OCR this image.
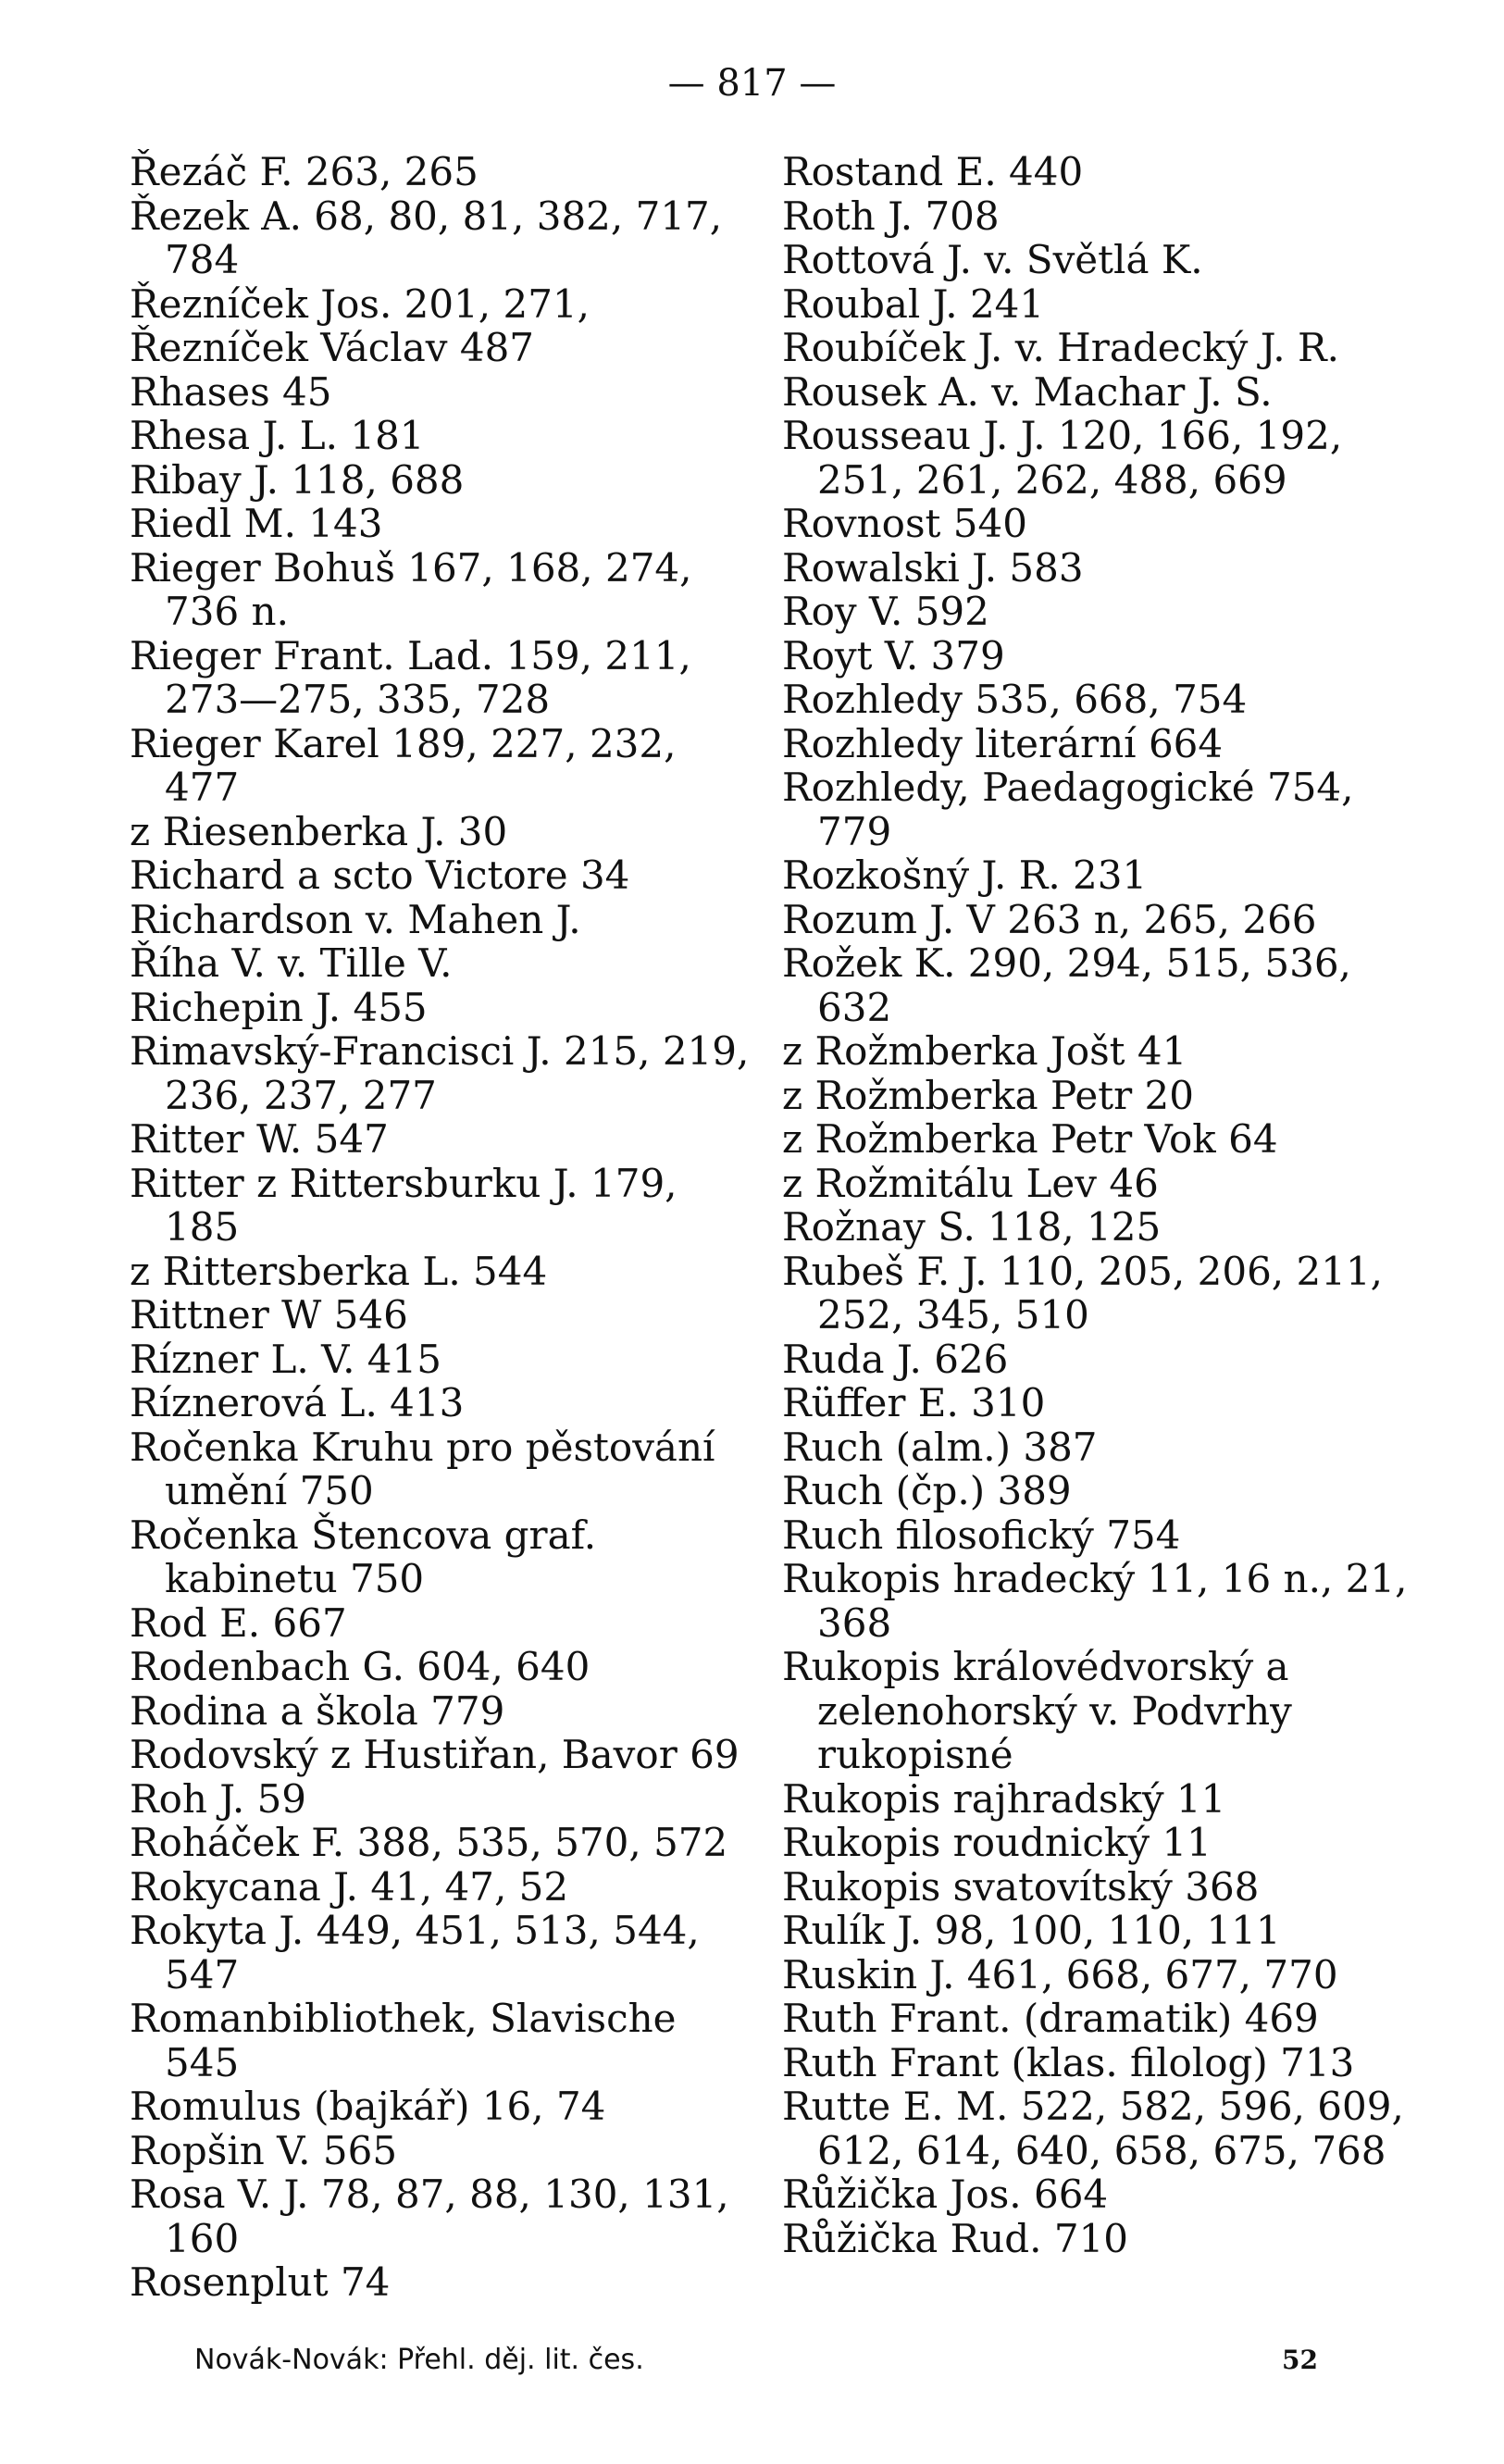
— 817 —
Řezáč F. 263, 265
Řezek A. 68, 80, 81, 382, 717, 784
Řezníček Jos. 201, 271,
Řezníček Václav 487
Rhases 45
Rhesa J. L. 181
Ribay J. 118, 688
Riedl M. 143
Rieger Bohuš 167, 168, 274, 736 n.
Rieger Frant. Lad. 159, 211, 273—275, 335, 728
Rieger Karel 189, 227, 232, 477
z Riesenberka J. 30
Richard a scto Victore 34
Richardson v. Mahen J.
Říha V. v. Tille V.
Richepin J. 455
Rimavský-Francisci J. 215, 219, 236, 237, 277
Ritter W. 547
Ritter z Rittersburku J. 179, 185
z Rittersberka L. 544
Rittner W 546
Rízner L. V. 415
Ríznerová L. 413
Ročenka Kruhu pro pěstování umění 750
Ročenka Štencova graf. kabinetu 750
Rod E. 667
Rodenbach G. 604, 640
Rodina a škola 779
Rodovský z Hustiřan, Bavor 69
Roh J. 59
Roháček F. 388, 535, 570, 572
Rokycana J. 41, 47, 52
Rokyta J. 449, 451, 513, 544, 547
Romanbibliothek, Slavische 545
Romulus (bajkář) 16, 74
Ropšin V. 565
Rosa V. J. 78, 87, 88, 130, 131, 160
Rosenplut 74
Rostand E. 440
Roth J. 708
Rottová J. v. Světlá K.
Roubal J. 241
Roubíček J. v. Hradecký J. R.
Rousek A. v. Machar J. S.
Rousseau J. J. 120, 166, 192, 251, 261, 262, 488, 669
Rovnost 540
Rowalski J. 583
Roy V. 592
Royt V. 379
Rozhledy 535, 668, 754
Rozhledy literární 664
Rozhledy, Paedagogické 754, 779
Rozkošný J. R. 231
Rozum J. V 263 n, 265, 266
Rožek K. 290, 294, 515, 536, 632
z Rožmberka Jošt 41
z Rožmberka Petr 20
z Rožmberka Petr Vok 64
z Rožmitálu Lev 46
Rožnay S. 118, 125
Rubeš F. J. 110, 205, 206, 211, 252, 345, 510
Ruda J. 626
Rüffer E. 310
Ruch (alm.) 387
Ruch (čp.) 389
Ruch filosofický 754
Rukopis hradecký 11, 16 n., 21, 368
Rukopis královédvorský a zelenohorský v. Podvrhy rukopisné
Rukopis rajhradský 11
Rukopis roudnický 11
Rukopis svatovítský 368
Rulík J. 98, 100, 110, 111
Ruskin J. 461, 668, 677, 770
Ruth Frant. (dramatik) 469
Ruth Frant (klas. filolog) 713
Rutte E. M. 522, 582, 596, 609, 612, 614, 640, 658, 675, 768
Růžička Jos. 664
Růžička Rud. 710
Novák-Novák: Přehl. děj. lit. čes.	52
